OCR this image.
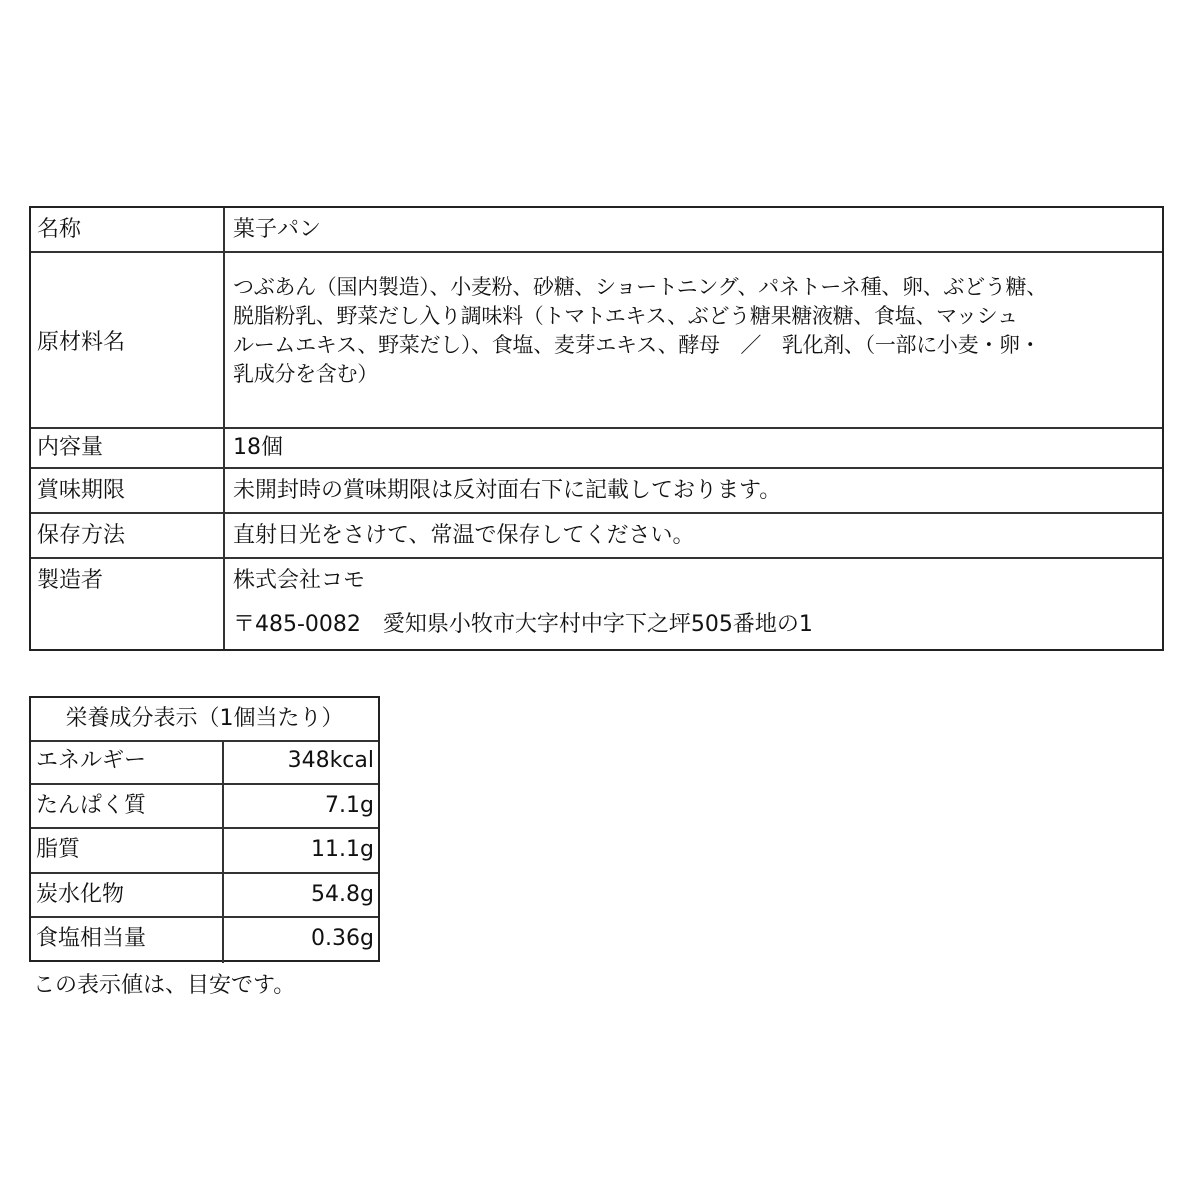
名称	菓子パン
原材料名
つぶあん（国内製造）、小麦粉、砂糖、ショートニング、パネトーネ種、卵、ぶどう糖、
脱脂粉乳、野菜だし入り調味料（トマトエキス、ぶどう糖果糖液糖、食塩、マッシュ
ルームエキス、野菜だし）、食塩、麦芽エキス、酵母　／　乳化剤、（一部に小麦・卵・
乳成分を含む）
内容量	18個
賞味期限	未開封時の賞味期限は反対面右下に記載しております。
保存方法	直射日光をさけて、常温で保存してください。
製造者	株式会社コモ
〒485-0082　愛知県小牧市大字村中字下之坪505番地の1
栄養成分表示（1個当たり）
エネルギー	348kcal
たんぱく質	7.1g
脂質	11.1g
炭水化物	54.8g
食塩相当量	0.36g
この表示値は、目安です。
